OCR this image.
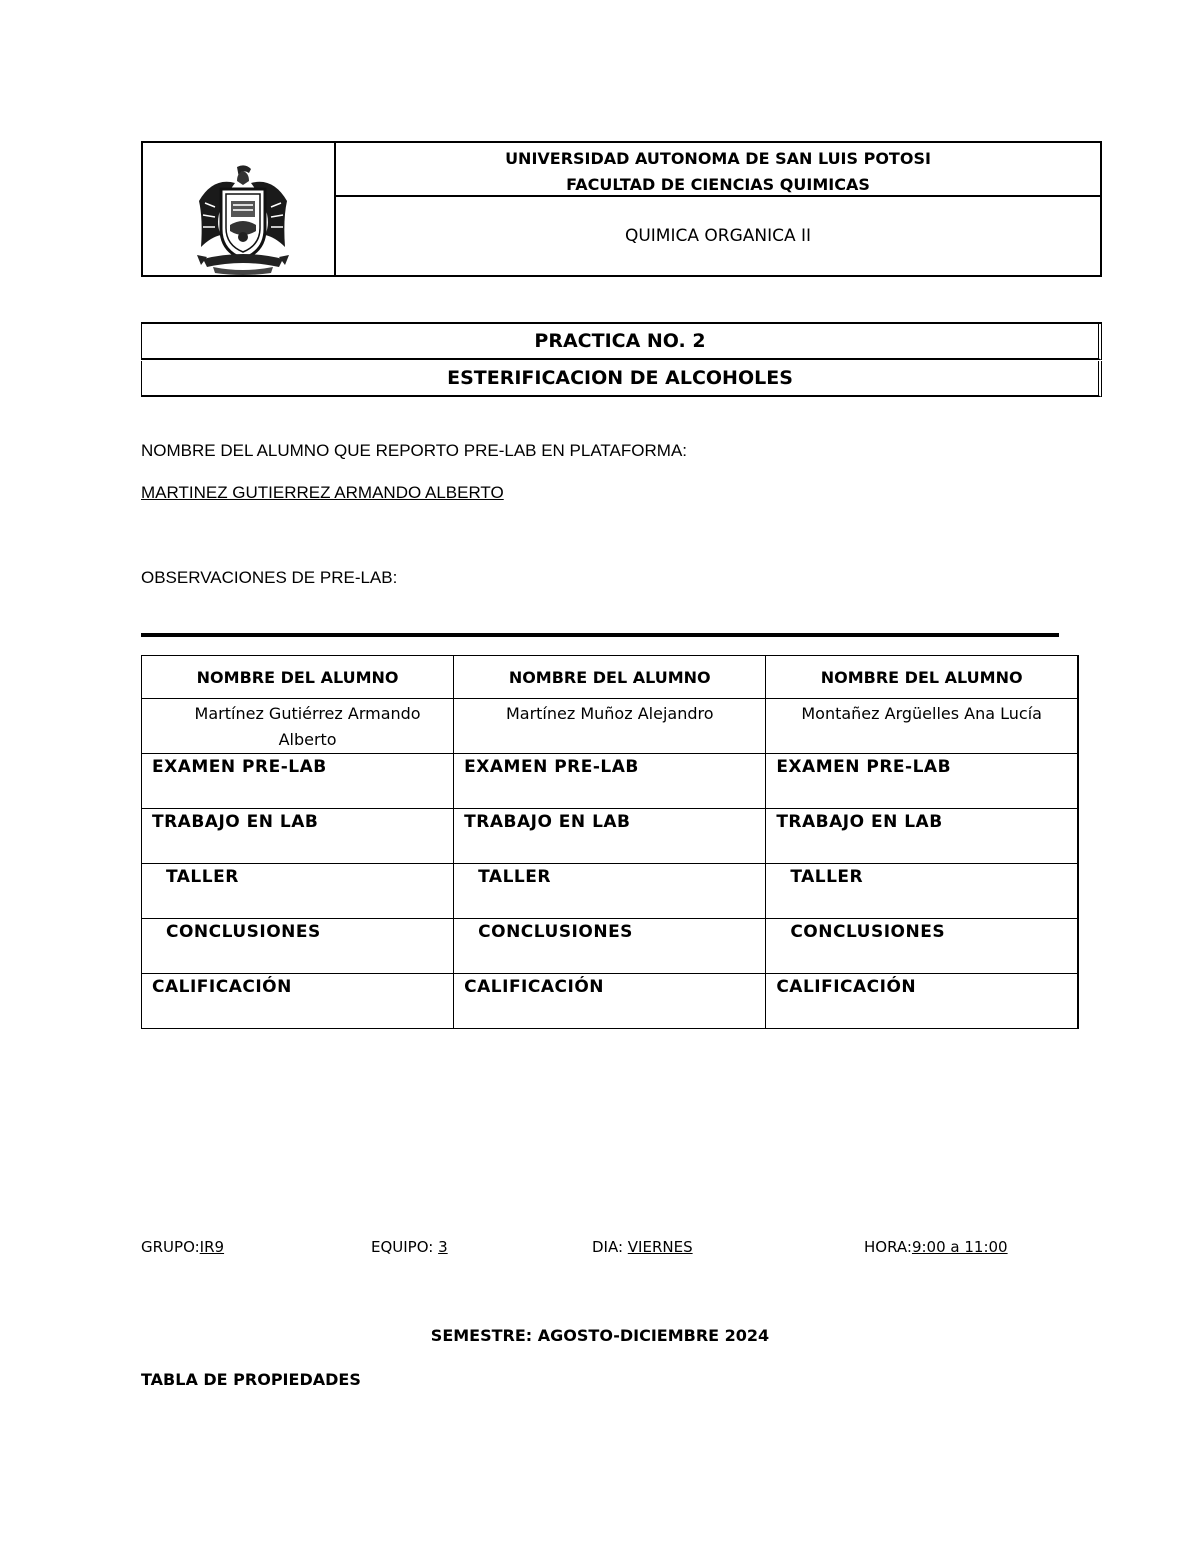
UNIVERSIDAD AUTONOMA DE SAN LUIS POTOSI
FACULTAD DE CIENCIAS QUIMICAS
QUIMICA ORGANICA II
PRACTICA NO. 2
ESTERIFICACION DE ALCOHOLES
NOMBRE DEL ALUMNO QUE REPORTO PRE-LAB EN PLATAFORMA:
MARTINEZ GUTIERREZ ARMANDO ALBERTO
OBSERVACIONES DE PRE-LAB:
NOMBRE DEL ALUMNO	NOMBRE DEL ALUMNO	NOMBRE DEL ALUMNO
Martínez Gutiérrez Armando Alberto	Martínez Muñoz Alejandro	Montañez Argüelles Ana Lucía
EXAMEN PRE-LAB	EXAMEN PRE-LAB	EXAMEN PRE-LAB
TRABAJO EN LAB	TRABAJO EN LAB	TRABAJO EN LAB
TALLER	TALLER	TALLER
CONCLUSIONES	CONCLUSIONES	CONCLUSIONES
CALIFICACIÓN	CALIFICACIÓN	CALIFICACIÓN
GRUPO:IR9	EQUIPO: 3	DIA: VIERNES	HORA:9:00 a 11:00
SEMESTRE: AGOSTO-DICIEMBRE 2024
TABLA DE PROPIEDADES
